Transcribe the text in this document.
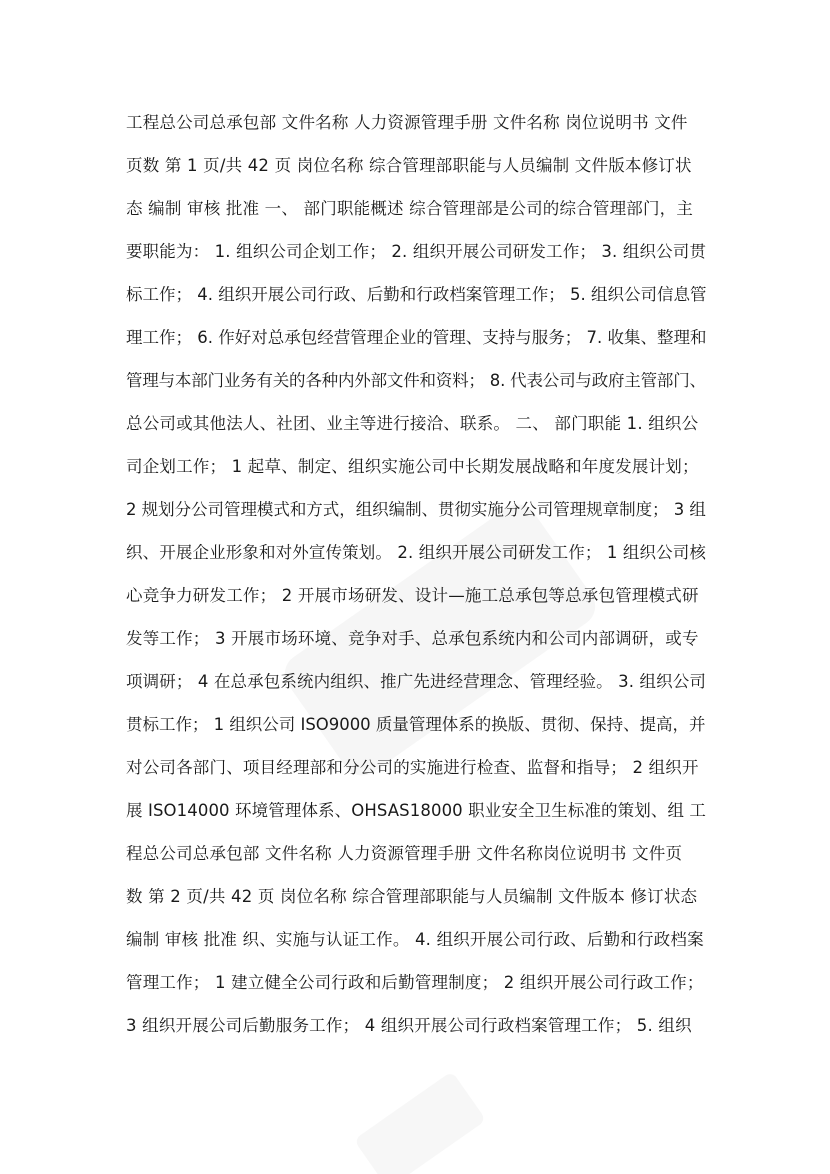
工程总公司总承包部 文件名称 人力资源管理手册 文件名称 岗位说明书 文件
页数 第 1 页/共 42 页 岗位名称 综合管理部职能与人员编制 文件版本修订状
态 编制 审核 批准 一、 部门职能概述 综合管理部是公司的综合管理部门，主
要职能为： 1. 组织公司企划工作； 2. 组织开展公司研发工作； 3. 组织公司贯
标工作； 4. 组织开展公司行政、后勤和行政档案管理工作； 5. 组织公司信息管
理工作； 6. 作好对总承包经营管理企业的管理、支持与服务； 7. 收集、整理和
管理与本部门业务有关的各种内外部文件和资料； 8. 代表公司与政府主管部门、
总公司或其他法人、社团、业主等进行接洽、联系。 二、 部门职能 1. 组织公
司企划工作； 1 起草、制定、组织实施公司中长期发展战略和年度发展计划；
2 规划分公司管理模式和方式，组织编制、贯彻实施分公司管理规章制度； 3 组
织、开展企业形象和对外宣传策划。 2. 组织开展公司研发工作； 1 组织公司核
心竞争力研发工作； 2 开展市场研发、设计—施工总承包等总承包管理模式研
发等工作； 3 开展市场环境、竞争对手、总承包系统内和公司内部调研，或专
项调研； 4 在总承包系统内组织、推广先进经营理念、管理经验。 3. 组织公司
贯标工作； 1 组织公司 ISO9000 质量管理体系的换版、贯彻、保持、提高，并
对公司各部门、项目经理部和分公司的实施进行检查、监督和指导； 2 组织开
展 ISO14000 环境管理体系、OHSAS18000 职业安全卫生标准的策划、组 工
程总公司总承包部 文件名称 人力资源管理手册 文件名称岗位说明书 文件页
数 第 2 页/共 42 页 岗位名称 综合管理部职能与人员编制 文件版本 修订状态
编制 审核 批准 织、实施与认证工作。 4. 组织开展公司行政、后勤和行政档案
管理工作； 1 建立健全公司行政和后勤管理制度； 2 组织开展公司行政工作；
3 组织开展公司后勤服务工作； 4 组织开展公司行政档案管理工作； 5. 组织
